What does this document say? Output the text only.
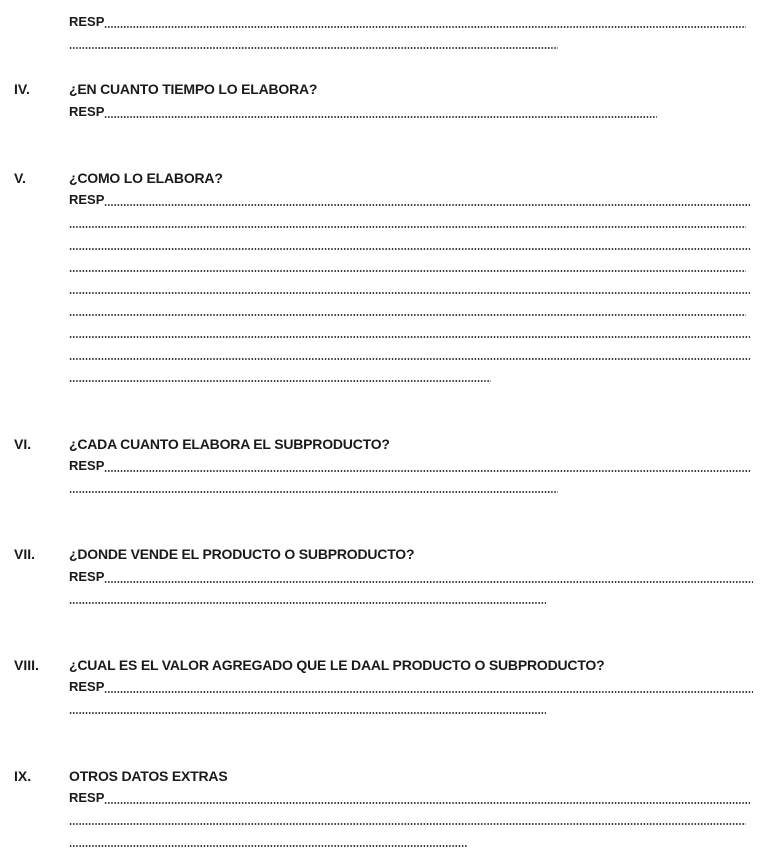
RESP
IV.	¿EN CUANTO TIEMPO LO ELABORA?
RESP
V.	¿COMO LO ELABORA?
RESP
VI.	¿CADA CUANTO ELABORA EL SUBPRODUCTO?
RESP
VII. ¿DONDE VENDE EL PRODUCTO O SUBPRODUCTO?
RESP
VIII. ¿CUAL ES EL VALOR AGREGADO QUE LE DAAL PRODUCTO O SUBPRODUCTO?
RESP
IX.	OTROS DATOS EXTRAS
RESP
